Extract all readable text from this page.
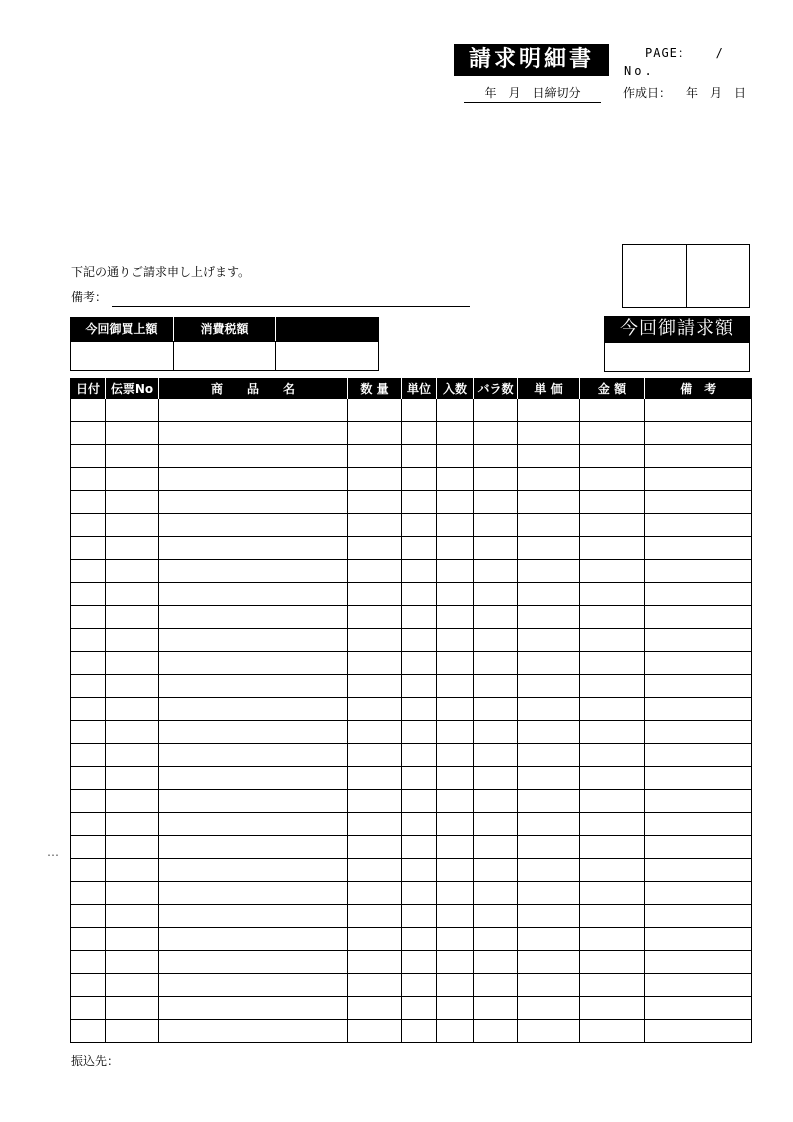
請求明細書	PAGE：   /
No.
年　月　日締切分	作成日： 年　月　日
下記の通りご請求申し上げます。
備考：
今回御買上額	消費税額	今回御請求額
日付	伝票No	商　　品　　名	数 量	単位	入数	バラ数	単 価	金 額	備　考

…
振込先：
